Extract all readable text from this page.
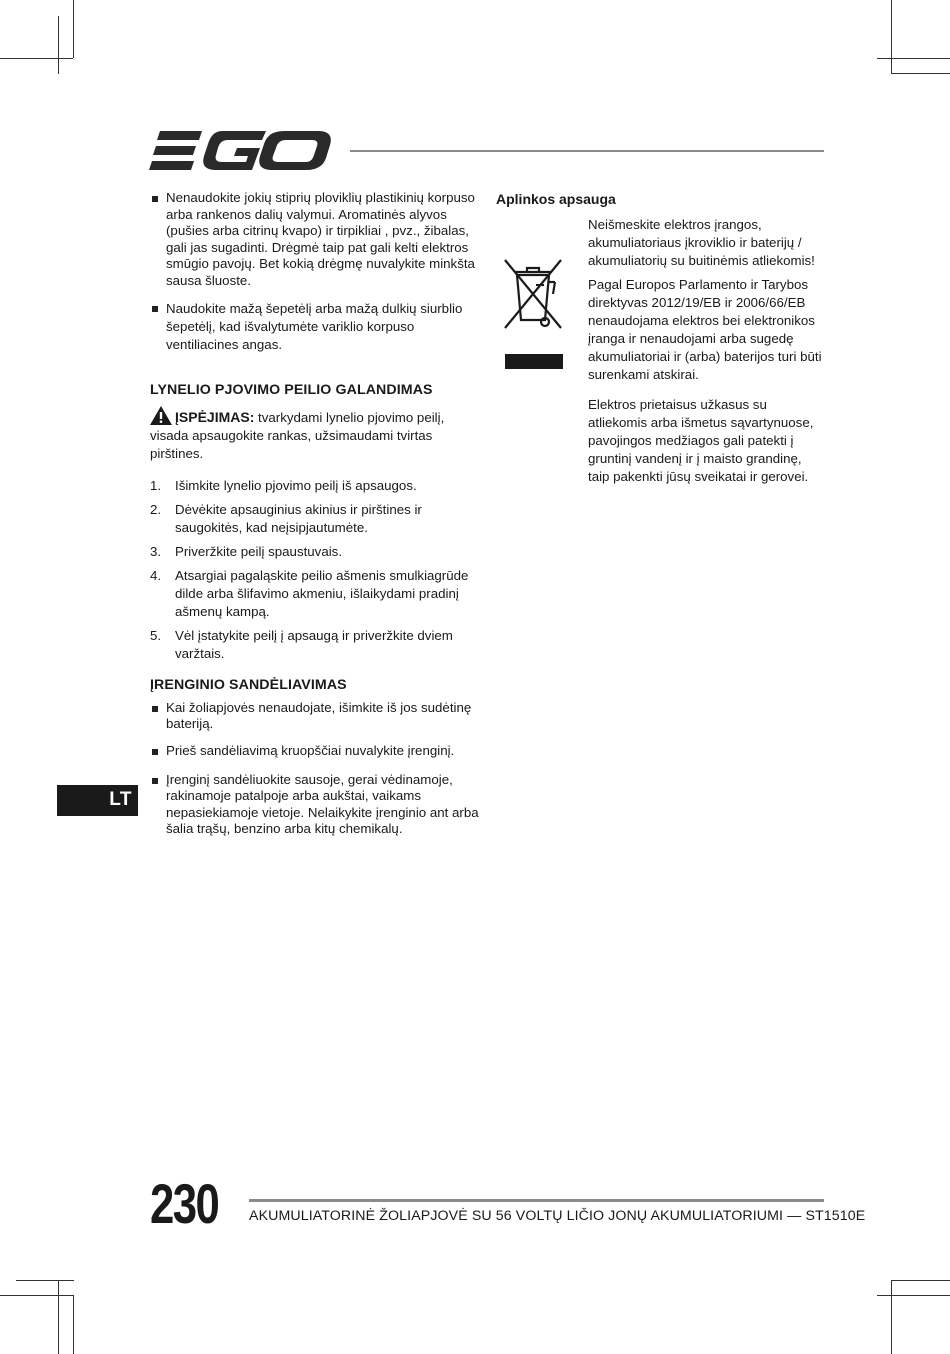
Nenaudokite jokių stiprių ploviklių plastikinių korpuso arba rankenos dalių valymui. Aromatinės alyvos (pušies arba citrinų kvapo) ir tirpikliai , pvz., žibalas, gali jas sugadinti. Drėgmė taip pat gali kelti elektros smūgio pavojų. Bet kokią drėgmę nuvalykite minkšta sausa šluoste.
Naudokite mažą šepetėlį arba mažą dulkių siurblio šepetėlį, kad išvalytumėte variklio korpuso ventiliacines angas.
LYNELIO PJOVIMO PEILIO GALANDIMAS
ĮSPĖJIMAS: tvarkydami lynelio pjovimo peilį, visada apsaugokite rankas, užsimaudami tvirtas pirštines.
1. Išimkite lynelio pjovimo peilį iš apsaugos.
2. Dėvėkite apsauginius akinius ir pirštines ir saugokitės, kad neįsipjautumėte.
3. Priveržkite peilį spaustuvais.
4. Atsargiai pagaląskite peilio ašmenis smulkiagrūde dilde arba šlifavimo akmeniu, išlaikydami pradinį ašmenų kampą.
5. Vėl įstatykite peilį į apsaugą ir priveržkite dviem varžtais.
ĮRENGINIO SANDĖLIAVIMAS
Kai žoliapjovės nenaudojate, išimkite iš jos sudėtinę bateriją.
Prieš sandėliavimą kruopščiai nuvalykite įrenginį.
Įrenginį sandėliuokite sausoje, gerai vėdinamoje, rakinamoje patalpoje arba aukštai, vaikams nepasiekiamoje vietoje. Nelaikykite įrenginio ant arba šalia trąšų, benzino arba kitų chemikalų.
Aplinkos apsauga

Neišmeskite elektros įrangos, akumuliatoriaus įkroviklio ir baterijų / akumuliatorių su buitinėmis atliekomis!

Pagal Europos Parlamento ir Tarybos direktyvas 2012/19/EB ir 2006/66/EB nenaudojama elektros bei elektronikos įranga ir nenaudojami arba sugedę akumuliatoriai ir (arba) baterijos turi būti surenkami atskirai.

Elektros prietaisus užkasus su atliekomis arba išmetus sąvartynuose, pavojingos medžiagos gali patekti į gruntinį vandenį ir į maisto grandinę, taip pakenkti jūsų sveikatai ir gerovei.

LT
230 AKUMULIATORINĖ ŽOLIAPJOVĖ SU 56 VOLTŲ LIČIO JONŲ AKUMULIATORIUMI — ST1510E
